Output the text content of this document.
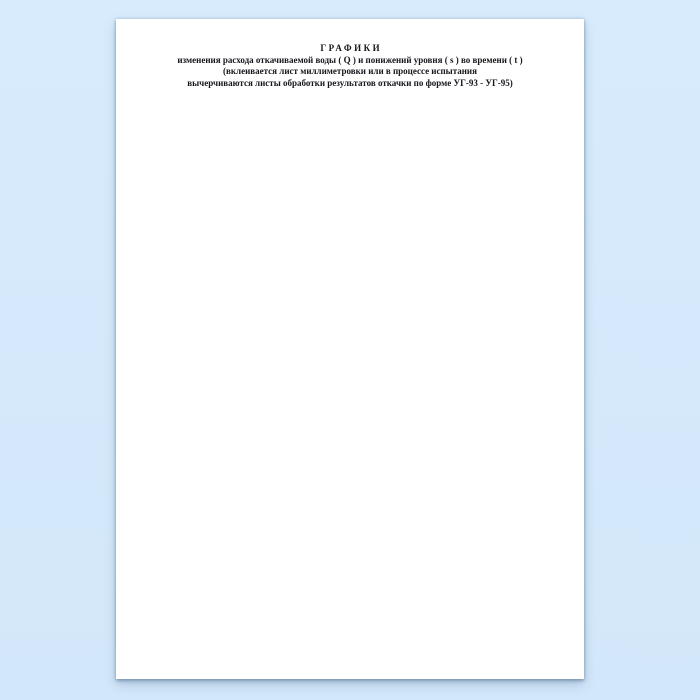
ГРАФИКИ
изменения расхода откачиваемой воды ( Q ) и понижений уровня ( s ) во времени ( t )
(вклеивается лист миллиметровки или в процессе испытания
вычерчиваются листы обработки результатов откачки по форме УГ-93 - УГ-95)
